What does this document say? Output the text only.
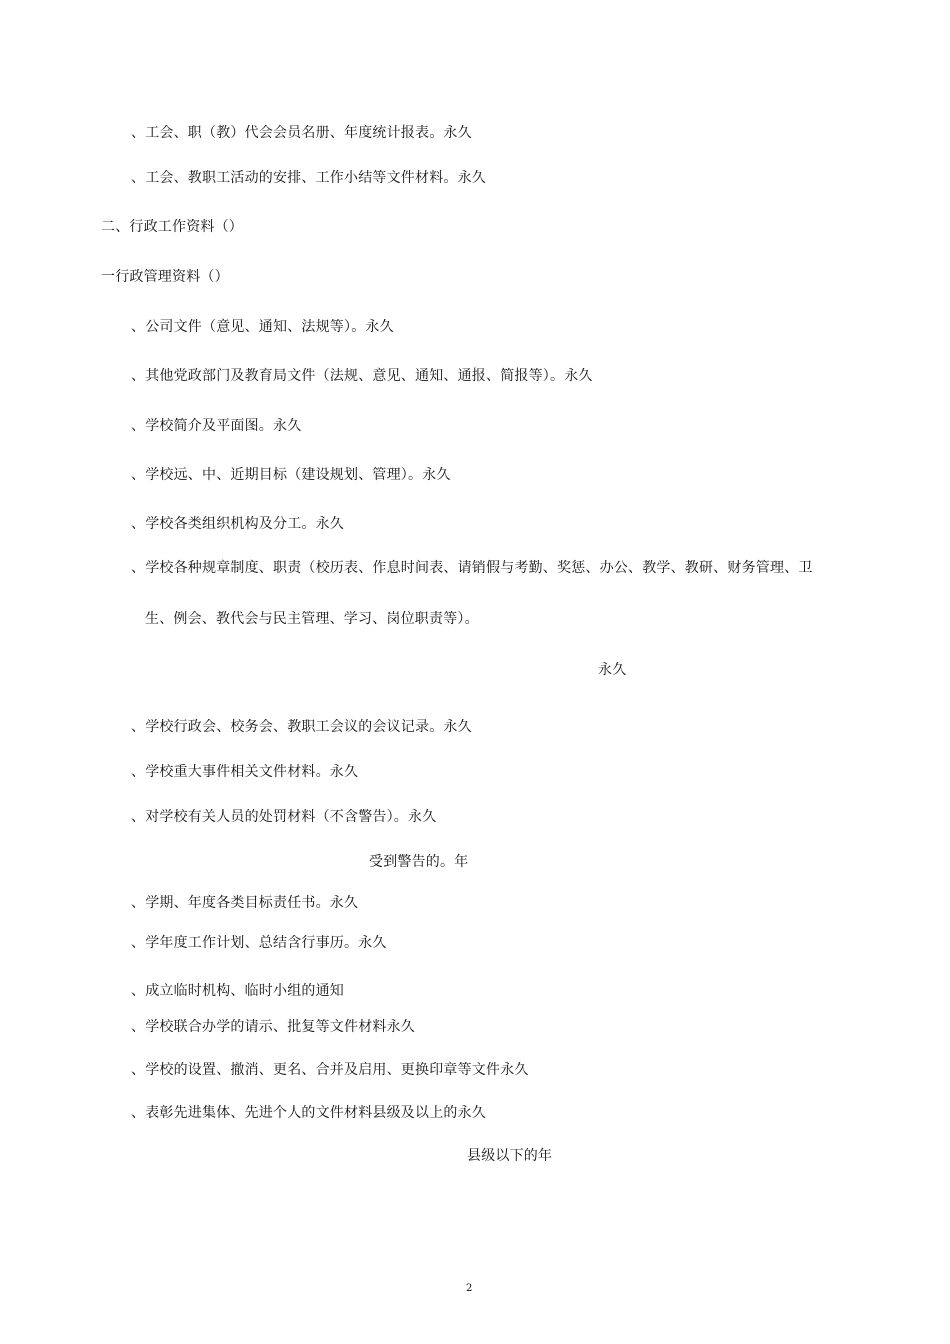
、工会、职（教）代会会员名册、年度统计报表。永久
、工会、教职工活动的安排、工作小结等文件材料。永久
二、行政工作资料（）
一行政管理资料（）
、公司文件（意见、通知、法规等）。永久
、其他党政部门及教育局文件（法规、意见、通知、通报、简报等）。永久
、学校简介及平面图。永久
、学校远、中、近期目标（建设规划、管理）。永久
、学校各类组织机构及分工。永久
、学校各种规章制度、职责（校历表、作息时间表、请销假与考勤、奖惩、办公、教学、教研、财务管理、卫
生、例会、教代会与民主管理、学习、岗位职责等）。
永久
、学校行政会、校务会、教职工会议的会议记录。永久
、学校重大事件相关文件材料。永久
、对学校有关人员的处罚材料（不含警告）。永久
受到警告的。年
、学期、年度各类目标责任书。永久
、学年度工作计划、总结含行事历。永久
、成立临时机构、临时小组的通知
、学校联合办学的请示、批复等文件材料永久
、学校的设置、撤消、更名、合并及启用、更换印章等文件永久
、表彰先进集体、先进个人的文件材料县级及以上的永久
县级以下的年
2
